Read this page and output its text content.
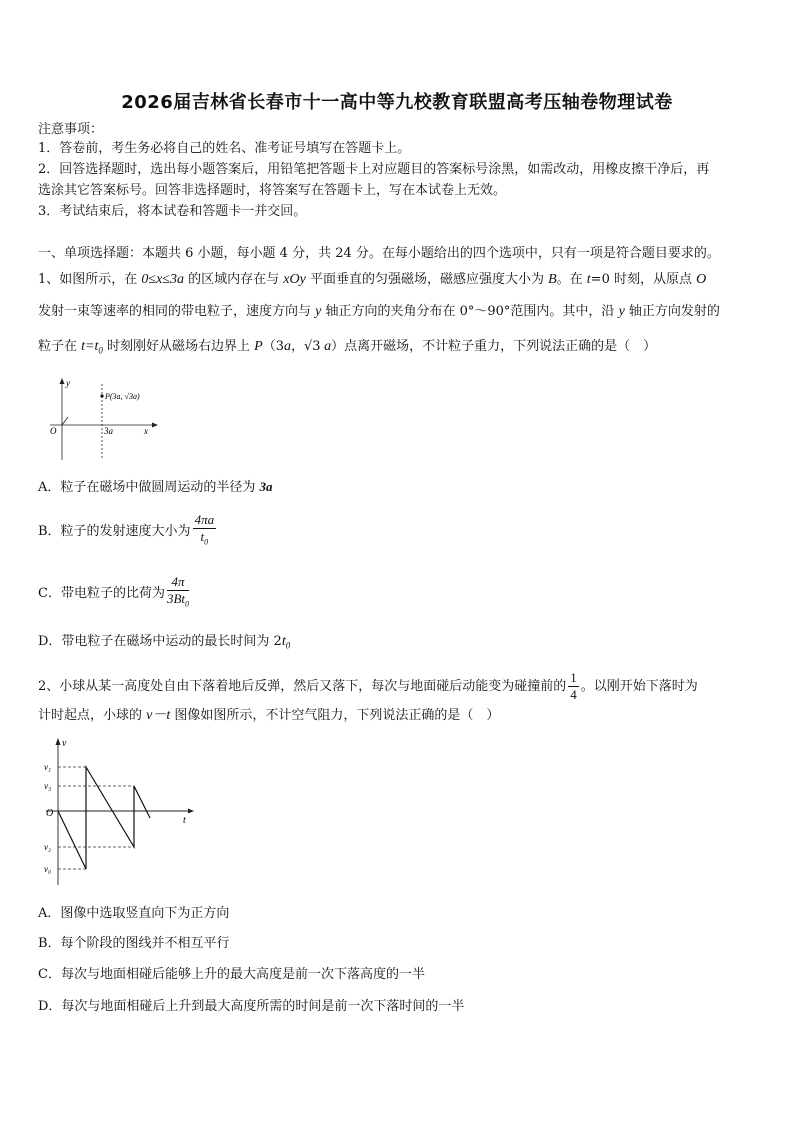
2026届吉林省长春市十一高中等九校教育联盟高考压轴卷物理试卷
注意事项：
1．答卷前，考生务必将自己的姓名、准考证号填写在答题卡上。
2．回答选择题时，选出每小题答案后，用铅笔把答题卡上对应题目的答案标号涂黑，如需改动，用橡皮擦干净后，再
选涂其它答案标号。回答非选择题时，将答案写在答题卡上，写在本试卷上无效。
3．考试结束后，将本试卷和答题卡一并交回。
一、单项选择题：本题共 6 小题，每小题 4 分，共 24 分。在每小题给出的四个选项中，只有一项是符合题目要求的。
1、如图所示，在 0≤x≤3a 的区域内存在与 xOy 平面垂直的匀强磁场，磁感应强度大小为 B。在 t=0 时刻，从原点 O
发射一束等速率的相同的带电粒子，速度方向与 y 轴正方向的夹角分布在 0°～90°范围内。其中，沿 y 轴正方向发射的
粒子在 $t=t_0$ 时刻刚好从磁场右边界上 P（3a，√3 a）点离开磁场，不计粒子重力，下列说法正确的是（　）
y
x
O	3a
P(3a, √3a)
A．粒子在磁场中做圆周运动的半径为 3a
B．粒子的发射速度大小为 $\frac{4\pi a}{t_0}$
C．带电粒子的比荷为 $\frac{4\pi}{3Bt_0}$
D．带电粒子在磁场中运动的最长时间为 $2t_0$
2、小球从某一高度处自由下落着地后反弹，然后又落下，每次与地面碰后动能变为碰撞前的 $\frac{1}{4}$ 。以刚开始下落时为
计时起点，小球的 v－t 图像如图所示，不计空气阻力，下列说法正确的是（　）
v
t
O
v₁
v₃
v₂
v₀
A．图像中选取竖直向下为正方向
B．每个阶段的图线并不相互平行
C．每次与地面相碰后能够上升的最大高度是前一次下落高度的一半
D．每次与地面相碰后上升到最大高度所需的时间是前一次下落时间的一半
